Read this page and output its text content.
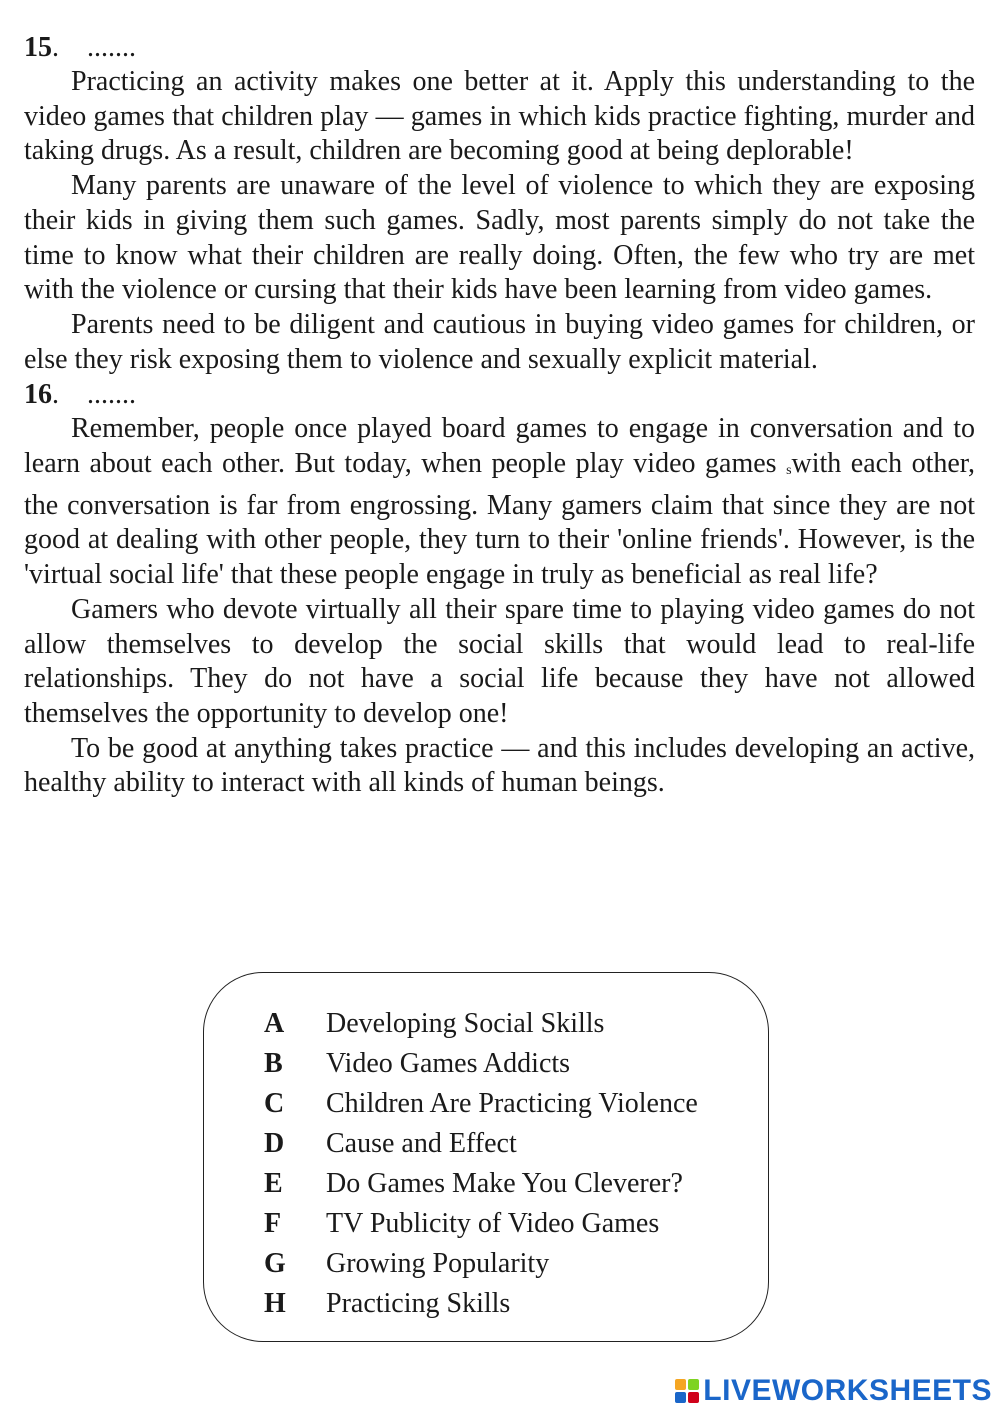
15.    .......

Practicing an activity makes one better at it. Apply this understanding to the video games that children play — games in which kids practice fighting, murder and taking drugs. As a result, children are becoming good at being deplorable!

Many parents are unaware of the level of violence to which they are exposing their kids in giving them such games. Sadly, most parents simply do not take the time to know what their children are really doing. Often, the few who try are met with the violence or cursing that their kids have been learning from video games.

Parents need to be diligent and cautious in buying video games for children, or else they risk exposing them to violence and sexually explicit material.

16.    .......

Remember, people once played board games to engage in conversation and to learn about each other. But today, when people play video games swith each other, the conversation is far from engrossing. Many gamers claim that since they are not good at dealing with other people, they turn to their 'online friends'. However, is the 'virtual social life' that these people engage in truly as beneficial as real life?

Gamers who devote virtually all their spare time to playing video games do not allow themselves to develop the social skills that would lead to real-life relationships. They do not have a social life because they have not allowed themselves the opportunity to develop one!

To be good at anything takes practice — and this includes developing an active, healthy ability to interact with all kinds of human beings.

A Developing Social Skills
B Video Games Addicts
C Children Are Practicing Violence
D Cause and Effect
E Do Games Make You Cleverer?
F TV Publicity of Video Games
G Growing Popularity
H Practicing Skills
LIVEWORKSHEETS
